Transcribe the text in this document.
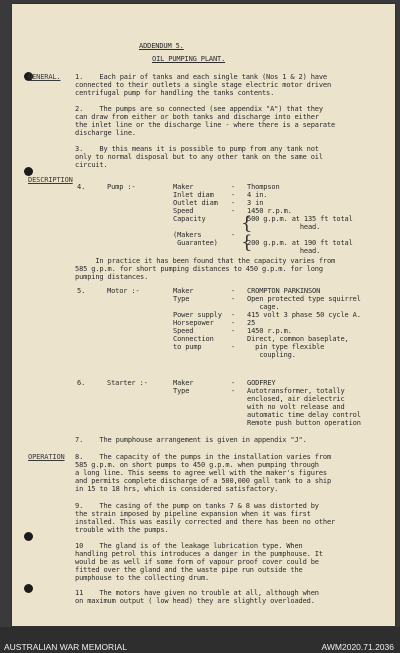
ADDENDUM 5.
OIL PUMPING PLANT.
GENERAL.
DESCRIPTION
OPERATION
1.    Each pair of tanks and each single tank (Nos 1 & 2) have
connected to their outlets a single stage electric motor driven
centrifugal pump for handling the tanks contents.
2.    The pumps are so connected (see appendix "A") that they
can draw from either or both tanks and discharge into either
the inlet line or the discharge line - where there is a separate
discharge line.
3.    By this means it is possible to pump from any tank not
only to normal disposal but to any other tank on the same oil
circuit.
4.	Pump :-	Maker	- Thompson
Inlet diam - 4 in.
Outlet diam - 3 in
Speed	- 1450 r.p.m.
Capacity	500 g.p.m. at 135 ft total
head.
(Makers	-
Guarantee)	200 g.p.m. at 190 ft total
head.
5.	Motor :-	Maker	- CROMPTON PARKINSON
Type	- Open protected type squirrel
cage.
Power supply - 415 volt 3 phase 50 cycle A.
Horsepower - 25
Speed	- 1450 r.p.m.
Connection	Direct, common baseplate,
to pump	- pin type flexible
coupling.
6.	Starter :-	Maker	- GODFREY
Type	- Autotransformer, totally
enclosed, air dielectric
with no volt release and
automatic time delay control
Remote push button operation
In practice it has been found that the capacity varies from
585 g.p.m. for short pumping distances to 450 g.p.m. for long
pumping distances.
7.    The pumphouse arrangement is given in appendix "J".
8.    The capacity of the pumps in the installation varies from
585 g.p.m. on short pumps to 450 g.p.m. when pumping through
a long line. This seems to agree well with the maker's figures
and permits complete discharge of a 500,000 gall tank to a ship
in 15 to 18 hrs, which is considered satisfactory.
9.    The casing of the pump on tanks 7 & 8 was distorted by
the strain imposed by pipeline expansion when it was first
installed. This was easily corrected and there has been no other
trouble with the pumps.
10    The gland is of the leakage lubrication type. When
handling petrol this introduces a danger in the pumphouse. It
would be as well if some form of vapour proof cover could be
fitted over the gland and the waste pipe run outside the
pumphouse to the collecting drum.
11    The motors have given no trouble at all, although when
on maximum output ( low head) they are slightly overloaded.
{
{
AUSTRALIAN WAR MEMORIAL	AWM2020.71.2036
